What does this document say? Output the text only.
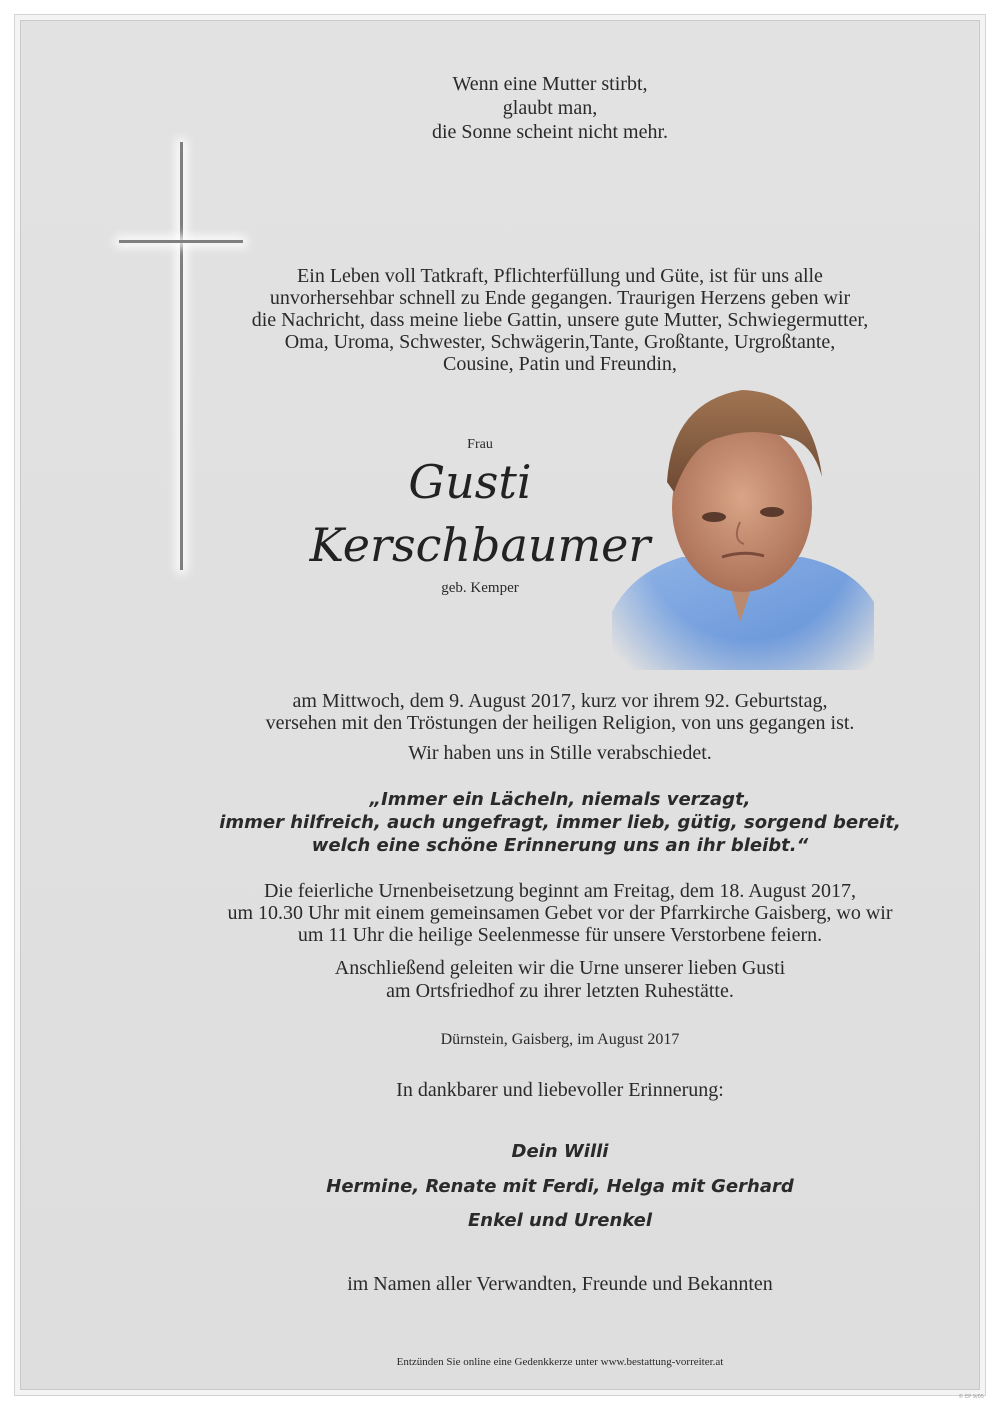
Wenn eine Mutter stirbt,
glaubt man,
die Sonne scheint nicht mehr.
Ein Leben voll Tatkraft, Pflichterfüllung und Güte, ist für uns alle
unvorhersehbar schnell zu Ende gegangen. Traurigen Herzens geben wir
die Nachricht, dass meine liebe Gattin, unsere gute Mutter, Schwiegermutter,
Oma, Uroma, Schwester, Schwägerin,Tante, Großtante, Urgroßtante,
Cousine, Patin und Freundin,
Frau
Gusti
Kerschbaumer
geb. Kemper
am Mittwoch, dem 9. August 2017, kurz vor ihrem 92. Geburtstag,
versehen mit den Tröstungen der heiligen Religion, von uns gegangen ist.
Wir haben uns in Stille verabschiedet.
„Immer ein Lächeln, niemals verzagt,
immer hilfreich, auch ungefragt, immer lieb, gütig, sorgend bereit,
welch eine schöne Erinnerung uns an ihr bleibt.“
Die feierliche Urnenbeisetzung beginnt am Freitag, dem 18. August 2017,
um 10.30 Uhr mit einem gemeinsamen Gebet vor der Pfarrkirche Gaisberg, wo wir
um 11 Uhr die heilige Seelenmesse für unsere Verstorbene feiern.
Anschließend geleiten wir die Urne unserer lieben Gusti
am Ortsfriedhof zu ihrer letzten Ruhestätte.
Dürnstein, Gaisberg, im August 2017
In dankbarer und liebevoller Erinnerung:
Dein Willi
Hermine, Renate mit Ferdi, Helga mit Gerhard
Enkel und Urenkel
im Namen aller Verwandten, Freunde und Bekannten
Entzünden Sie online eine Gedenkkerze unter www.bestattung-vorreiter.at
© EP 9/05
